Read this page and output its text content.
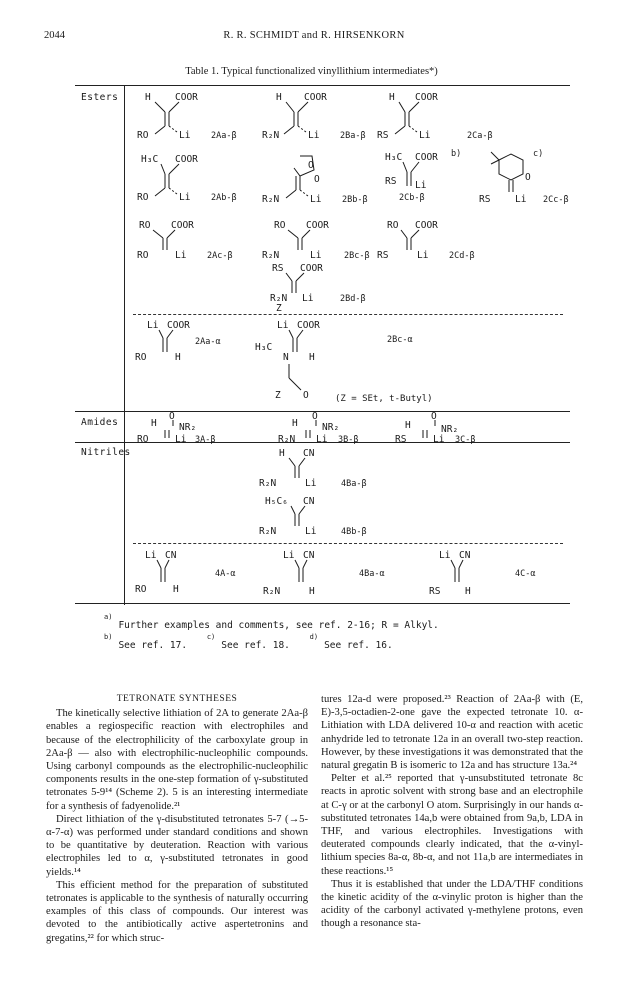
2044	R. R. SCHMIDT and R. HIRSENKORN
Table 1. Typical functionalized vinyllithium intermediates*)
Esters
Amides
Nitriles
H	COOR
RO	Li 2Aa-β
H COOR
R₂N	Li 2Ba-β
H COOR
RS	Li	2Ca-β
H₃C COOR
RO	Li 2Ab-β
O
O
R₂N	Li 2Bb-β
H₃C COOR b)
RS Li
2Cb-β
c)
O
RS	Li 2Cc-β
RO COOR
RO	Li 2Ac-β
RO COOR
R₂N	Li	2Bc-β
RO COOR
RS	Li 2Cd-β
RS COOR
R₂N Li
Z
2Bd-β
Li COOR
RO	H
2Aa-α
Li COOR
H₃C
N H
Z O
2Bc-α
(Z = SEt, t-Butyl)
O
H NR₂
RO	Li 3A-β
O
H	NR₂
R₂N Li 3B-β
O
H	NR₂
RS	Li 3C-β
H CN
R₂N	Li	4Ba-β
H₅C₆ CN
R₂N	Li	4Bb-β
Li CN
RO	H
4A-α
Li CN
R₂N	H
4Ba-α
Li CN
RS	H
4C-α
$^{a)}$Further examples and comments, see ref. 2-16; R = Alkyl.
$^{b)}$See ref. 17. $^{c)}$See ref. 18. $^{d)}$See ref. 16.
TETRONATE SYNTHESES

The kinetically selective lithiation of 2A to generate 2Aa-β enables a regiospecific reaction with electrophiles and because of the electrophilicity of the carboxylate group in 2Aa-β — also with electrophilic-nucleophilic compounds. Using carbonyl compounds as the electrophilic-nucleophilic components results in the one-step formation of γ-substituted tetronates 5-9¹⁴ (Scheme 2). 5 is an interesting intermediate for a synthesis of fadyenolide.²¹

Direct lithiation of the γ-disubstituted tetronates 5-7 (→5-α-7-α) was performed under standard conditions and shown to be quantitative by deuteration. Reaction with various electrophiles led to α, γ-substituted tetronates in good yields.¹⁴

This efficient method for the preparation of substituted tetronates is applicable to the synthesis of naturally occurring examples of this class of compounds. Our interest was devoted to the antibiotically active aspertetronins and gregatins,²² for which struc-

tures 12a-d were proposed.²³ Reaction of 2Aa-β with (E, E)-3,5-octadien-2-one gave the expected tetronate 10. α-Lithiation with LDA delivered 10-α and reaction with acetic anhydride led to tetronate 12a in an overall two-step reaction. However, by these investigations it was demonstrated that the natural gregatin B is isomeric to 12a and has structure 13a.²⁴

Pelter et al.²⁵ reported that γ-unsubstituted tetronate 8c reacts in aprotic solvent with strong base and an electrophile at C-γ or at the carbonyl O atom. Surprisingly in our hands α-substituted tetronates 14a,b were obtained from 9a,b, LDA in THF, and various electrophiles. Investigations with deuterated compounds clearly indicated, that the α-vinyl-lithium species 8a-α, 8b-α, and not 11a,b are intermediates in these reactions.¹⁵

Thus it is established that under the LDA/THF conditions the kinetic acidity of the α-vinylic proton is higher than the acidity of the carbonyl activated γ-methylene protons, even though a resonance sta-
